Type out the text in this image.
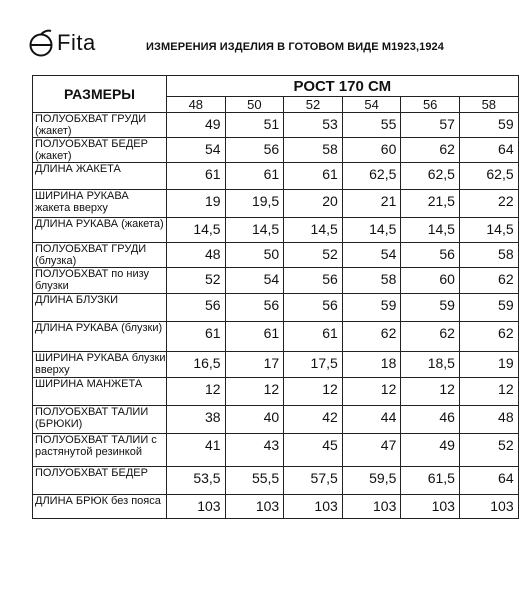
Fita	ИЗМЕРЕНИЯ ИЗДЕЛИЯ В ГОТОВОМ ВИДЕ М1923,1924
РАЗМЕРЫ	РОСТ 170 СМ					
	48	50	52	54	56	58
ПОЛУОБХВАТ ГРУДИ (жакет)	49	51	53	55	57	59
ПОЛУОБХВАТ БЕДЕР (жакет)	54	56	58	60	62	64
ДЛИНА ЖАКЕТА	61	61	61	62,5	62,5	62,5
ШИРИНА РУКАВА жакета вверху	19	19,5	20	21	21,5	22
ДЛИНА РУКАВА (жакета)	14,5	14,5	14,5	14,5	14,5	14,5
ПОЛУОБХВАТ ГРУДИ (блузка)	48	50	52	54	56	58
ПОЛУОБХВАТ по низу блузки	52	54	56	58	60	62
ДЛИНА БЛУЗКИ	56	56	56	59	59	59
ДЛИНА РУКАВА (блузки)	61	61	61	62	62	62
ШИРИНА РУКАВА блузки вверху	16,5	17	17,5	18	18,5	19
ШИРИНА МАНЖЕТА	12	12	12	12	12	12
ПОЛУОБХВАТ ТАЛИИ (БРЮКИ)	38	40	42	44	46	48
ПОЛУОБХВАТ ТАЛИИ с растянутой резинкой	41	43	45	47	49	52
ПОЛУОБХВАТ БЕДЕР	53,5	55,5	57,5	59,5	61,5	64
ДЛИНА БРЮК без пояса	103	103	103	103	103	103
